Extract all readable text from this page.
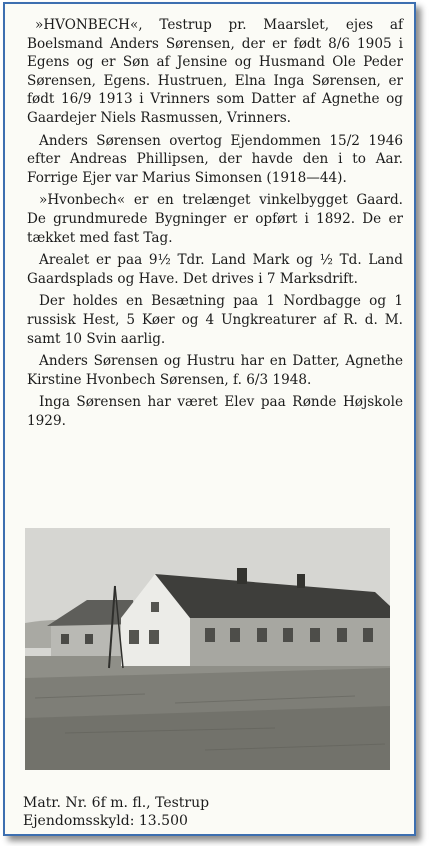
»HVONBECH«, Testrup pr. Maarslet, ejes af Boelsmand Anders Sørensen, der er født 8/6 1905 i Egens og er Søn af Jensine og Husmand Ole Peder Sørensen, Egens. Hustruen, Elna Inga Sørensen, er født 16/9 1913 i Vrinners som Datter af Agnethe og Gaardejer Niels Rasmussen, Vrinners.

Anders Sørensen overtog Ejendommen 15/2 1946 efter Andreas Phillipsen, der havde den i to Aar. Forrige Ejer var Marius Simonsen (1918—44).

»Hvonbech« er en trelænget vinkelbygget Gaard. De grundmurede Bygninger er opført i 1892. De er tækket med fast Tag.

Arealet er paa 9½ Tdr. Land Mark og ½ Td. Land Gaardsplads og Have. Det drives i 7 Marksdrift.

Der holdes en Besætning paa 1 Nordbagge og 1 russisk Hest, 5 Køer og 4 Ungkreaturer af R. d. M. samt 10 Svin aarlig.

Anders Sørensen og Hustru har en Datter, Agnethe Kirstine Hvonbech Sørensen, f. 6/3 1948.

Inga Sørensen har været Elev paa Rønde Højskole 1929.

Matr. Nr. 6f m. fl., Testrup
Ejendomsskyld: 13.500
